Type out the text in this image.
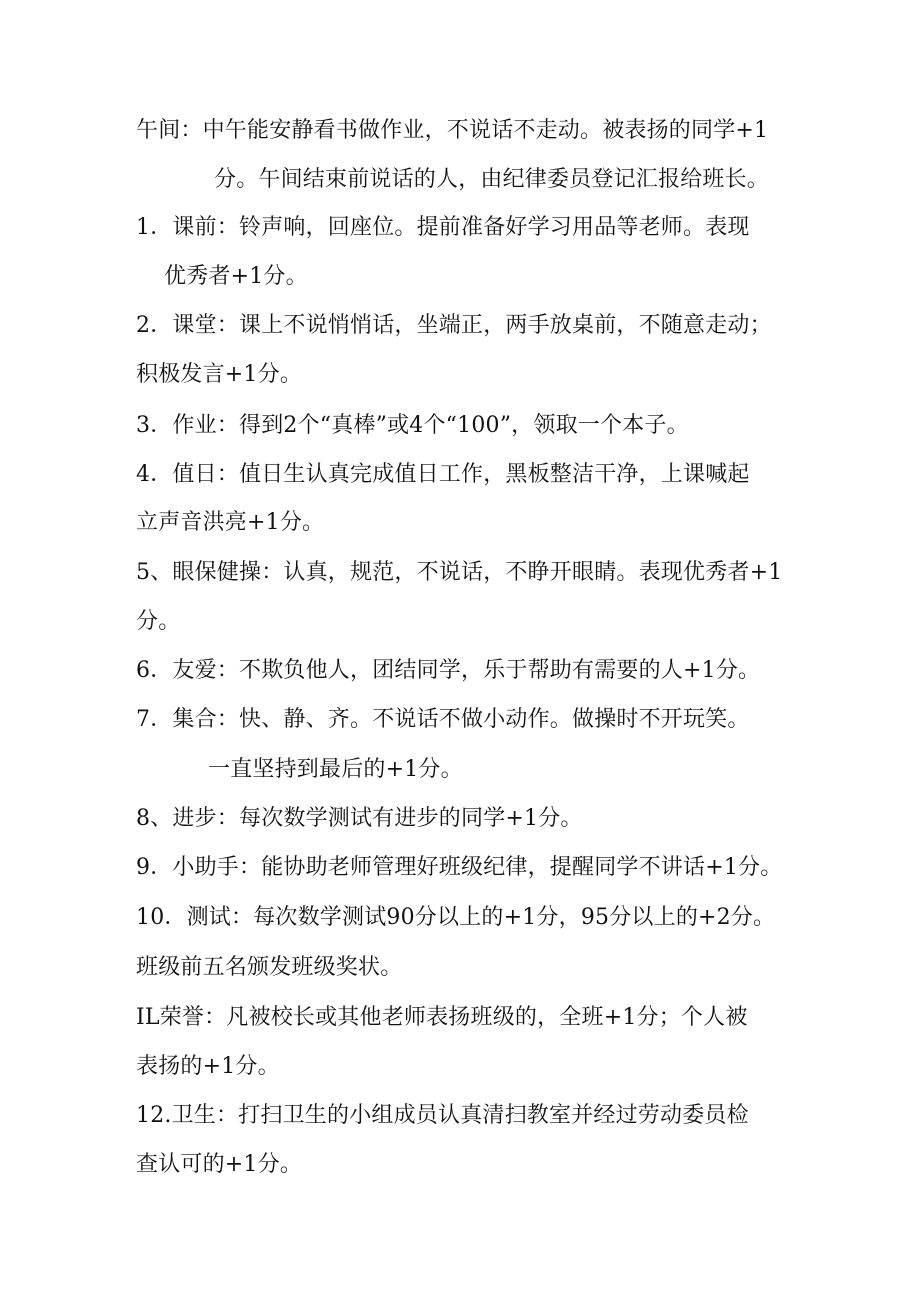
午间：中午能安静看书做作业，不说话不走动。被表扬的同学+1
分。午间结束前说话的人，由纪律委员登记汇报给班长。
1．课前：铃声响，回座位。提前准备好学习用品等老师。表现
优秀者+1分。
2．课堂：课上不说悄悄话，坐端正，两手放桌前，不随意走动；
积极发言+1分。
3．作业：得到2个“真棒”或4个“100”，领取一个本子。
4．值日：值日生认真完成值日工作，黑板整洁干净，上课喊起
立声音洪亮+1分。
5、眼保健操：认真，规范，不说话，不睁开眼睛。表现优秀者+1
分。
6．友爱：不欺负他人，团结同学，乐于帮助有需要的人+1分。
7．集合：快、静、齐。不说话不做小动作。做操时不开玩笑。
一直坚持到最后的+1分。
8、进步：每次数学测试有进步的同学+1分。
9．小助手：能协助老师管理好班级纪律，提醒同学不讲话+1分。
10．测试：每次数学测试90分以上的+1分，95分以上的+2分。
班级前五名颁发班级奖状。
IL荣誉：凡被校长或其他老师表扬班级的，全班+1分；个人被
表扬的+1分。
12.卫生：打扫卫生的小组成员认真清扫教室并经过劳动委员检
查认可的+1分。
